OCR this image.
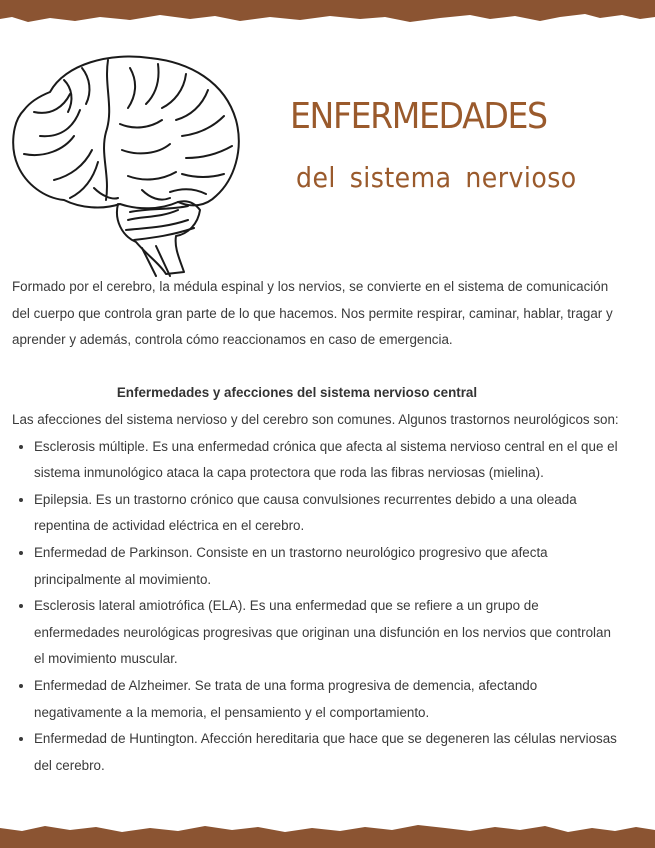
ENFERMEDADES
del sistema nervioso

Formado por el cerebro, la médula espinal y los nervios, se convierte en el sistema de comunicación del cuerpo que controla gran parte de lo que hacemos. Nos permite respirar, caminar, hablar, tragar y aprender y además, controla cómo reaccionamos en caso de emergencia.

Enfermedades y afecciones del sistema nervioso central

Las afecciones del sistema nervioso y del cerebro son comunes. Algunos trastornos neurológicos son:

• Esclerosis múltiple. Es una enfermedad crónica que afecta al sistema nervioso central en el que el sistema inmunológico ataca la capa protectora que roda las fibras nerviosas (mielina).
• Epilepsia. Es un trastorno crónico que causa convulsiones recurrentes debido a una oleada repentina de actividad eléctrica en el cerebro.
• Enfermedad de Parkinson. Consiste en un trastorno neurológico progresivo que afecta principalmente al movimiento.
• Esclerosis lateral amiotrófica (ELA). Es una enfermedad que se refiere a un grupo de enfermedades neurológicas progresivas que originan una disfunción en los nervios que controlan el movimiento muscular.
• Enfermedad de Alzheimer. Se trata de una forma progresiva de demencia, afectando negativamente a la memoria, el pensamiento y el comportamiento.
• Enfermedad de Huntington. Afección hereditaria que hace que se degeneren las células nerviosas del cerebro.
